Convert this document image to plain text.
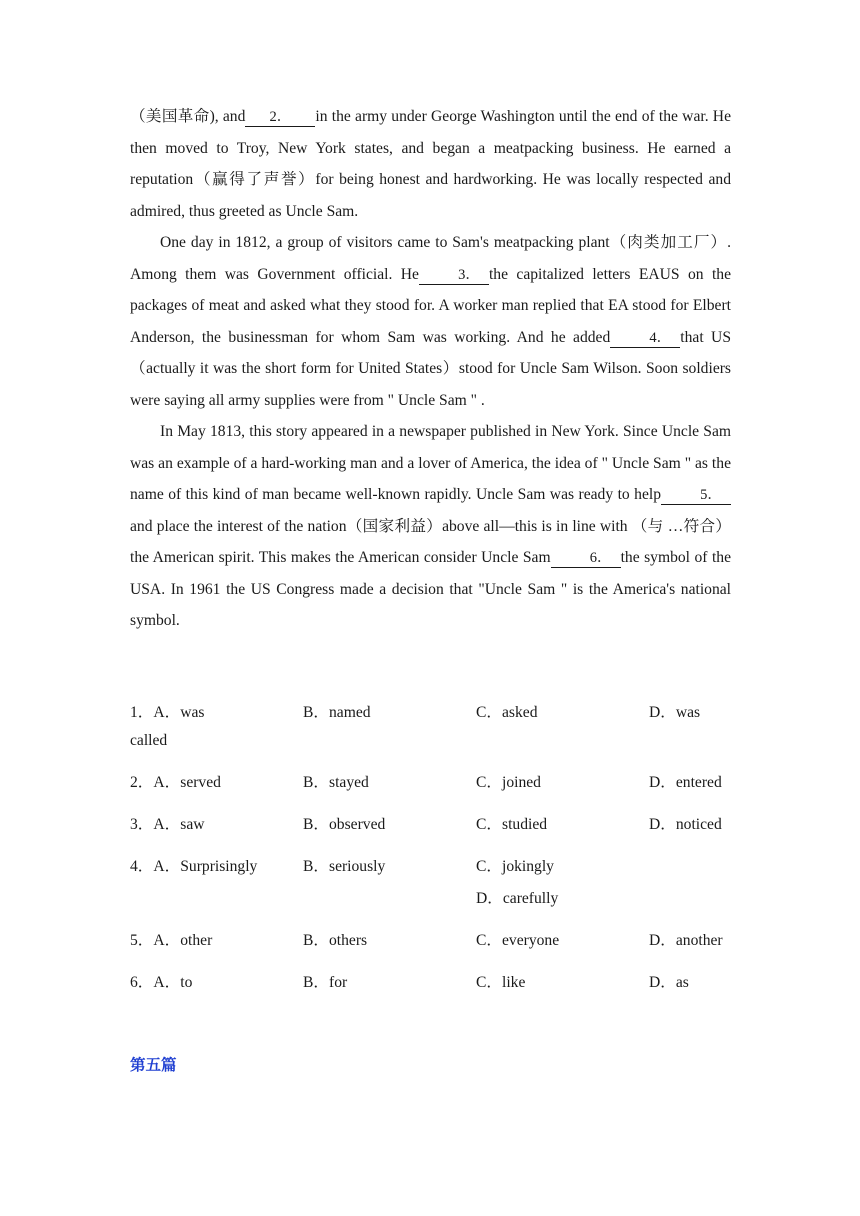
（美国革命), and 2． in the army under George Washington until the end of the war. He then moved to Troy, New York states, and began a meatpacking business. He earned a reputation（赢得了声誉）for being honest and hardworking. He was locally respected and admired, thus greeted as Uncle Sam.

One day in 1812, a group of visitors came to Sam's meatpacking plant（肉类加工厂）. Among them was Government official. He	3． the capitalized letters EAUS on the packages of meat and asked what they stood for. A worker man replied that EA stood for Elbert Anderson, the businessman for whom Sam was working. And he added	4． that US（actually it was the short form for United States）stood for Uncle Sam Wilson. Soon soldiers were saying all army supplies were from " Uncle Sam " .

In May 1813, this story appeared in a newspaper published in New York. Since Uncle Sam was an example of a hard-working man and a lover of America, the idea of " Uncle Sam " as the name of this kind of man became well-known rapidly. Uncle Sam was ready to help	5．and place the interest of the nation（国家利益）above all—this is in line with （与 …符合）the American spirit. This makes the American consider Uncle Sam	6． the symbol of the USA. In 1961 the US Congress made a decision that "Uncle Sam " is the America's national symbol.

1．A．was	B．named	C．asked	D．was
called
2．A．served	B．stayed	C．joined	D．entered
3．A．saw	B．observed	C．studied	D．noticed
4．A．Surprisingly	B．seriously	C．jokingly
D．carefully
5．A．other	B．others	C．everyone	D．another
6．A．to	B．for	C．like	D．as
第五篇
